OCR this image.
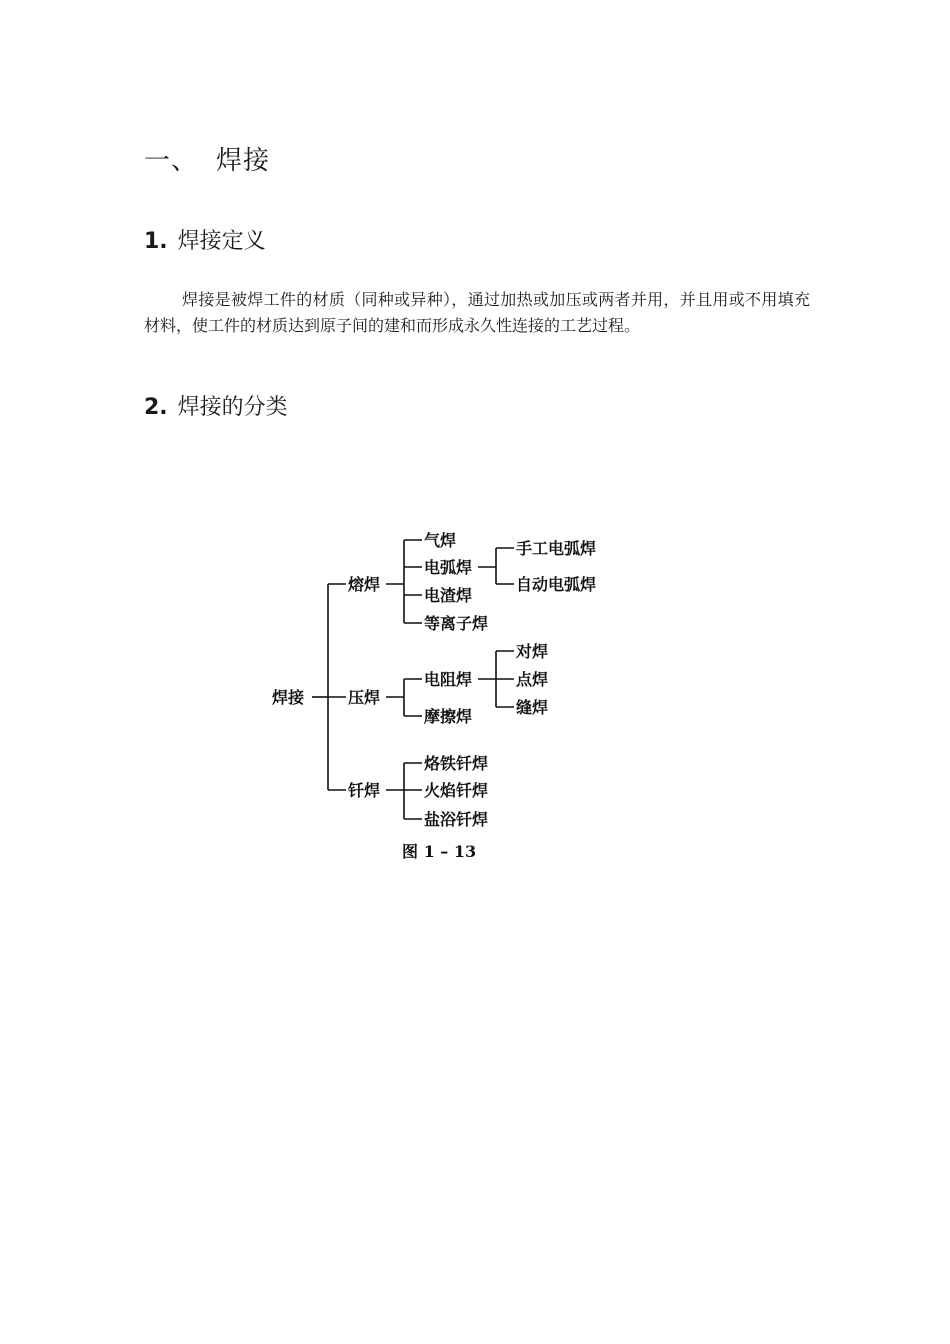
一、 焊接
1. 焊接定义
焊接是被焊工件的材质（同种或异种），通过加热或加压或两者并用，并且用或不用填充材料，使工件的材质达到原子间的建和而形成永久性连接的工艺过程。
2. 焊接的分类
焊接
熔焊
气焊
电弧焊
手工电弧焊
自动电弧焊
电渣焊
等离子焊
压焊
电阻焊
对焊
点焊
缝焊
摩擦焊
钎焊
烙铁钎焊
火焰钎焊
盐浴钎焊
图 1 – 13
